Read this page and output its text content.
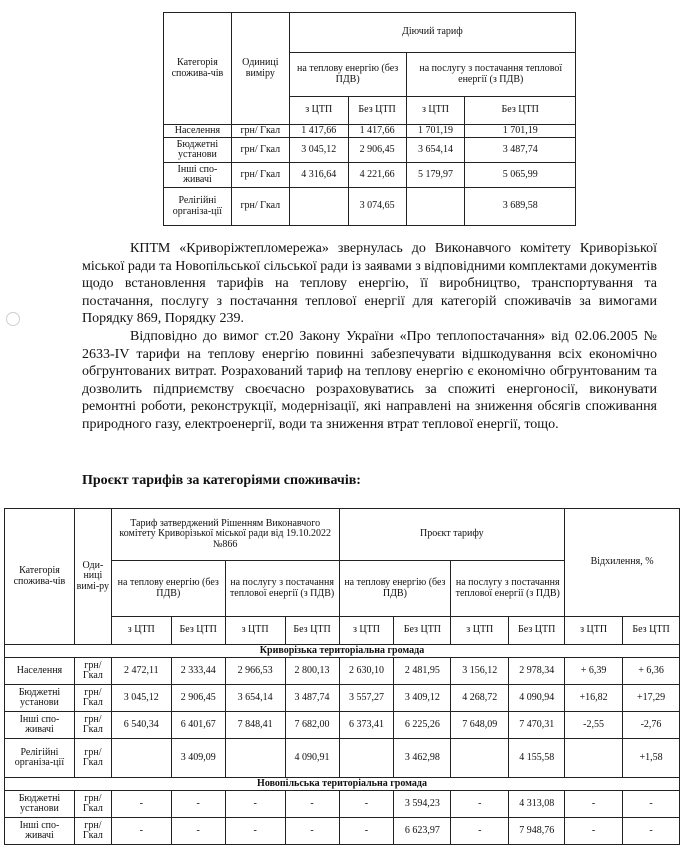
Категорія спожива-чів	Одиниці виміру	Діючий тариф			
		на теплову енергію (без ПДВ)		на послугу з постачання теплової енергії (з ПДВ)	
		з ЦТП	Без ЦТП	з ЦТП	Без ЦТП
Населення	грн/ Гкал	1 417,66	1 417,66	1 701,19	1 701,19
Бюджетні установи	грн/ Гкал	3 045,12	2 906,45	3 654,14	3 487,74
Інші спо-живачі	грн/ Гкал	4 316,64	4 221,66	5 179,97	5 065,99
Релігійні організа-ції	грн/ Гкал		3 074,65		3 689,58

КПТМ «Криворіжтепломережа» звернулась до Виконавчого комітету Криворізької міської ради та Новопільської сільської ради із заявами з відповідними комплектами документів щодо встановлення тарифів на теплову енергію, її виробництво, транспортування та постачання, послугу з постачання теплової енергії для категорій споживачів за вимогами Порядку 869, Порядку 239.

Відповідно до вимог ст.20 Закону України «Про теплопостачання» від 02.06.2005 № 2633-IV тарифи на теплову енергію повинні забезпечувати відшкодування всіх економічно обгрунтованих витрат. Розрахований тариф на теплову енергію є економічно обгрунтованим та дозволить підприємству своєчасно розраховуватись за спожиті енергоносії, виконувати ремонтні роботи, реконструкції, модернізації, які направлені на зниження обсягів споживання природного газу, електроенергії, води та зниження втрат теплової енергії, тощо.

Проєкт тарифів за категоріями споживачів:

Категорія спожива-чів	Оди-ниці вимі-ру	Тариф затверджений Рішенням Виконавчого комітету Криворізької міської ради від 19.10.2022 №866				Проєкт тарифу				Відхилення, %	
		на теплову енергію (без ПДВ)		на послугу з постачання теплової енергії (з ПДВ)		на теплову енергію (без ПДВ)		на послугу з постачання теплової енергії (з ПДВ)			
		з ЦТП	Без ЦТП	з ЦТП	Без ЦТП	з ЦТП	Без ЦТП	з ЦТП	Без ЦТП	з ЦТП	Без ЦТП
Криворізька територіальна громада											
Населення	грн/ Гкал	2 472,11	2 333,44	2 966,53	2 800,13	2 630,10	2 481,95	3 156,12	2 978,34	+ 6,39	+ 6,36
Бюджетні установи	грн/ Гкал	3 045,12	2 906,45	3 654,14	3 487,74	3 557,27	3 409,12	4 268,72	4 090,94	+16,82	+17,29
Інші спо-живачі	грн/ Гкал	6 540,34	6 401,67	7 848,41	7 682,00	6 373,41	6 225,26	7 648,09	7 470,31	-2,55	-2,76
Релігійні організа-ції	грн/ Гкал		3 409,09		4 090,91		3 462,98		4 155,58		+1,58
Новопільська територіальна громада											
Бюджетні установи	грн/ Гкал	-	-	-	-	-	3 594,23	-	4 313,08	-	-
Інші спо-живачі	грн/ Гкал	-	-	-	-	-	6 623,97	-	7 948,76	-	-
